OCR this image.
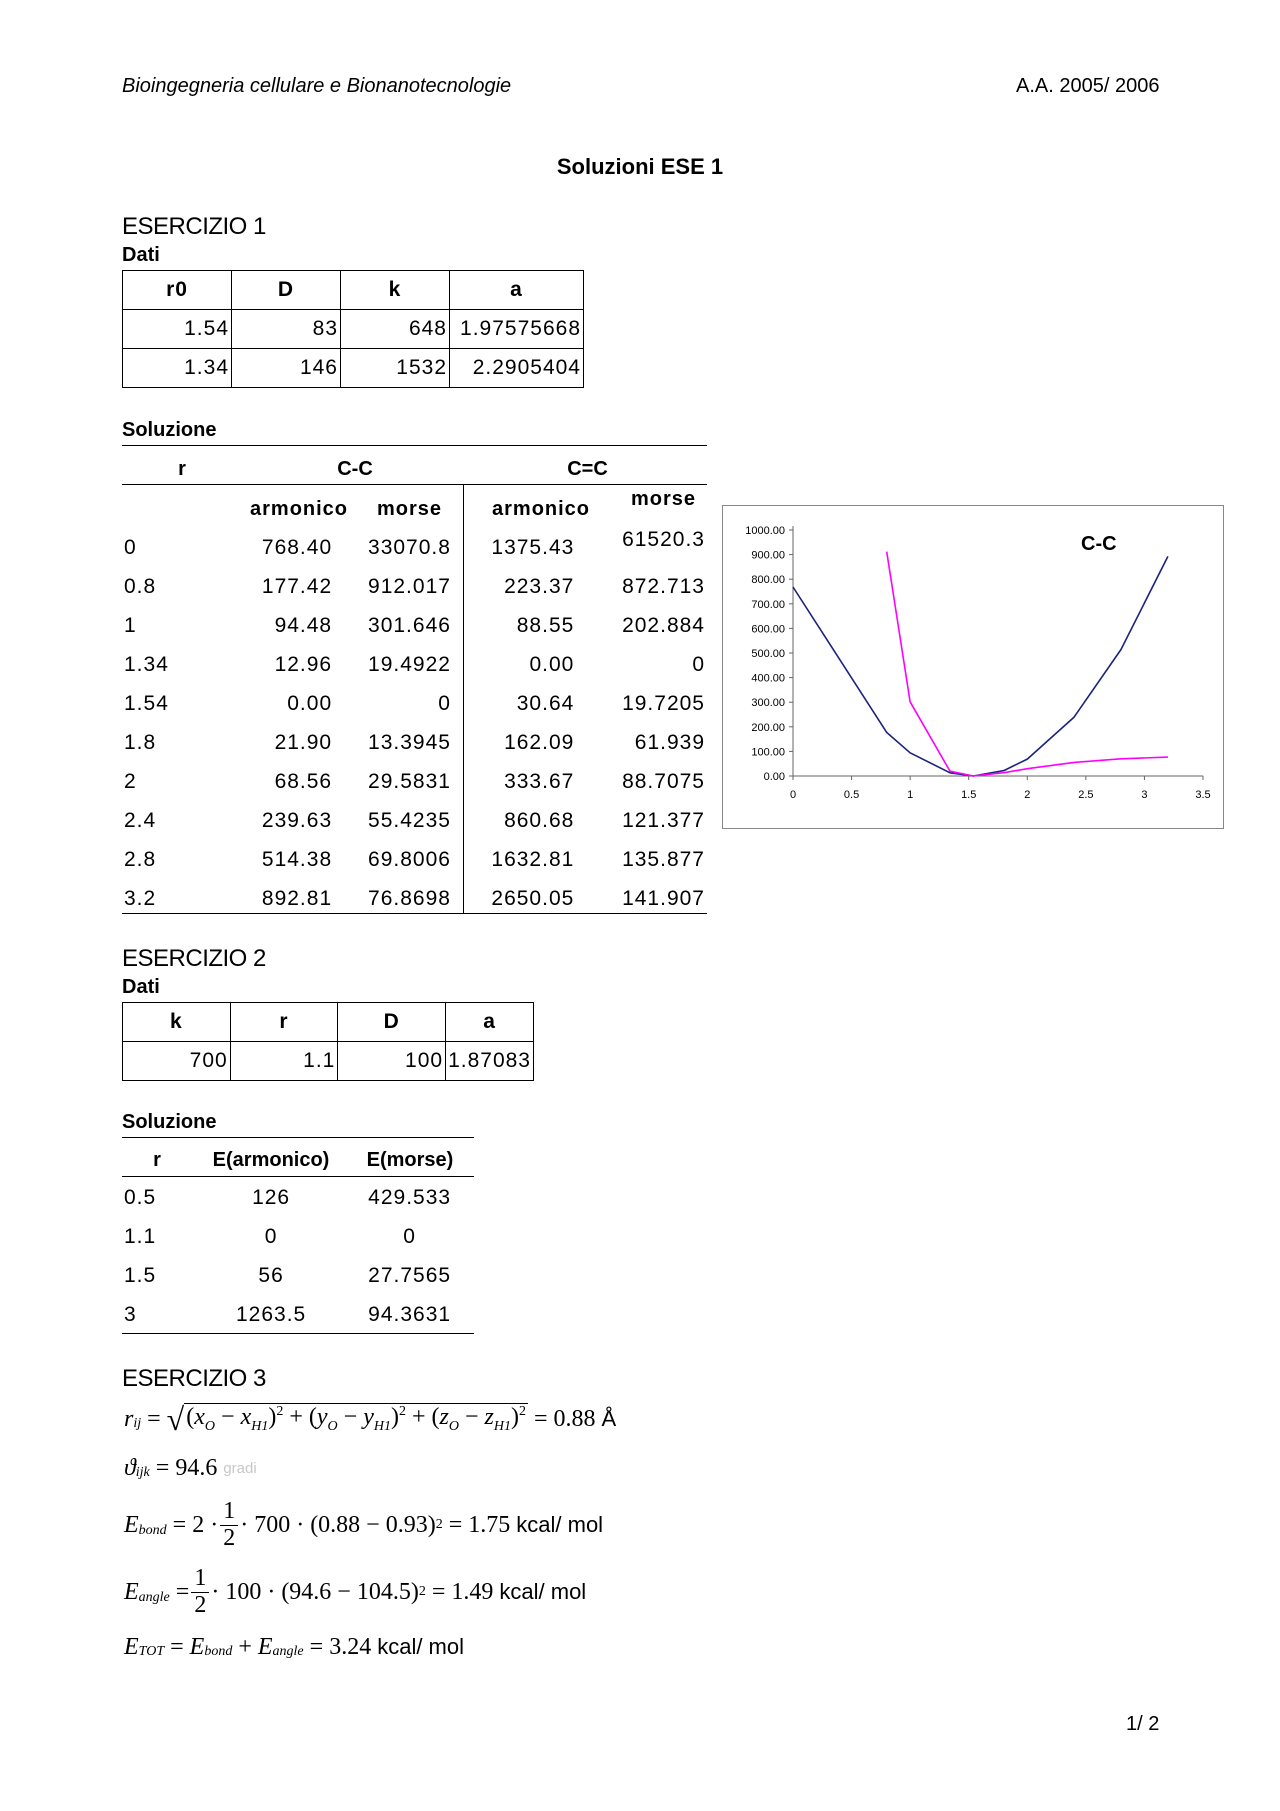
Bioingegneria cellulare e Bionanotecnologie	A.A. 2005/ 2006
Soluzioni ESE 1
ESERCIZIO 1
Dati
r0	D	k	a
1.54	83	648	1.97575668
1.34	146	1532	2.2905404
Soluzione
r	C-C	C=C
armonico morse armonico morse
0	768.40	33070.8	1375.43	61520.3
0.8	177.42	912.017	223.37	872.713
1	94.48	301.646	88.55	202.884
1.34	12.96	19.4922	0.00	0
1.54	0.00	0	30.64	19.7205
1.8	21.90	13.3945	162.09	61.939
2	68.56	29.5831	333.67	88.7075
2.4	239.63	55.4235	860.68	121.377
2.8	514.38	69.8006	1632.81	135.877
3.2	892.81	76.8698	2650.05	141.907
0.00
100.00
200.00
300.00
400.00
500.00
600.00
700.00
800.00
900.00
1000.00
0	0.5	1	1.5	2	2.5	3	3.5
C-C
ESERCIZIO 2
Dati
k	r	D	a
700	1.1	100	1.87083
Soluzione
r	E(armonico)	E(morse)
0.5	126	429.533
1.1	0	0
1.5	56	27.7565
3	1263.5	94.3631
ESERCIZIO 3
$r_{ij}$ = √ $(x_O - x_{H1})^2 + (y_O - y_{H1})^2 + (z_O - z_{H1})^2$
= 0.88
Å
$ϑ_{ijk}$
= 94.6
gradi
$E_{bond}$
= $2 \cdot \frac{1}{2} \cdot 700 \cdot (0.88 - 0.93)$ 2
= 1.75
kcal/ mol
$E_{angle} = \frac{1}{2} \cdot 100 \cdot (94.6 - 104.5)$ 2
= 1.49
kcal/ mol
$E_{TOT} = E_{bond} + E_{angle}$
= 3.24
kcal/ mol
1/ 2
